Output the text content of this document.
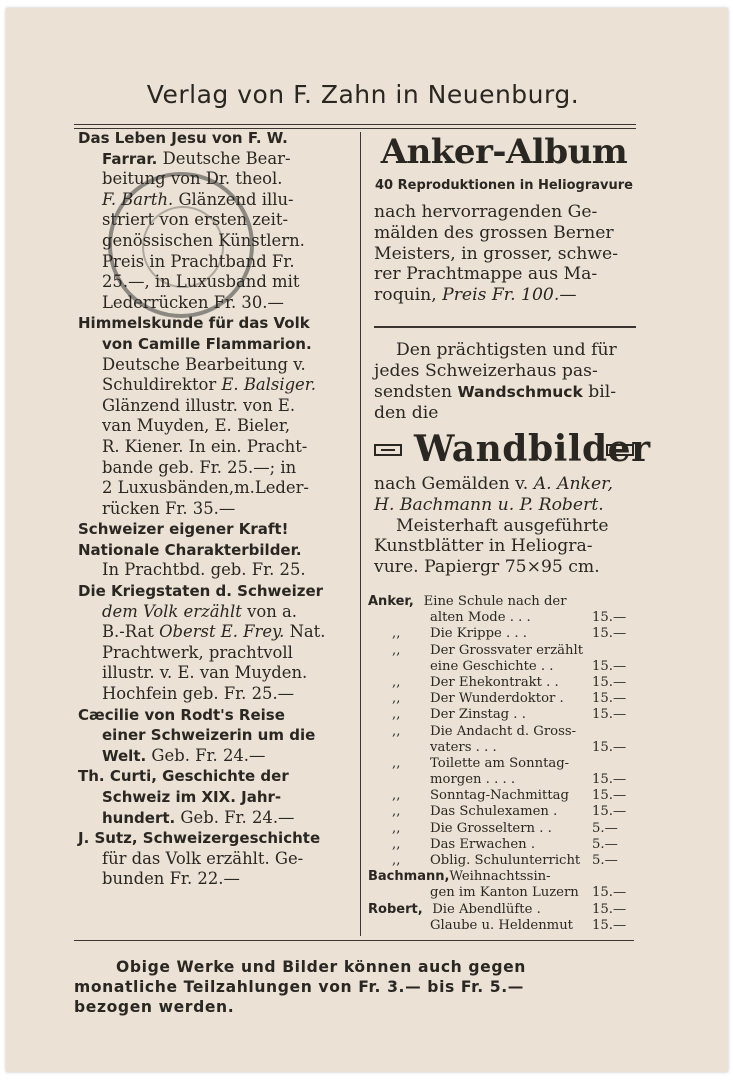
Verlag von F. Zahn in Neuenburg.
Das Leben Jesu von F. W.
Farrar. Deutsche Bear-
beitung von Dr. theol.
F. Barth. Glänzend illu-
striert von ersten zeit-
genössischen Künstlern.
Preis in Prachtband Fr.
25.—, in Luxusband mit
Lederrücken Fr. 30.—
Himmelskunde für das Volk
von Camille Flammarion.
Deutsche Bearbeitung v.
Schuldirektor E. Balsiger.
Glänzend illustr. von E.
van Muyden, E. Bieler,
R. Kiener. In ein. Pracht-
bande geb. Fr. 25.—; in
2 Luxusbänden,m.Leder-
rücken Fr. 35.—
Schweizer eigener Kraft!
Nationale Charakterbilder.
In Prachtbd. geb. Fr. 25.
Die Kriegstaten d. Schweizer
dem Volk erzählt von a.
B.-Rat Oberst E. Frey. Nat.
Prachtwerk, prachtvoll
illustr. v. E. van Muyden.
Hochfein geb. Fr. 25.—
Cæcilie von Rodt's Reise
einer Schweizerin um die
Welt. Geb. Fr. 24.—
Th. Curti, Geschichte der
Schweiz im XIX. Jahr-
hundert. Geb. Fr. 24.—
J. Sutz, Schweizergeschichte
für das Volk erzählt. Ge-
bunden Fr. 22.—
Anker-Album
40 Reproduktionen in Heliogravure
nach hervorragenden Ge-
mälden des grossen Berner
Meisters, in grosser, schwe-
rer Prachtmappe aus Ma-
roquin, Preis Fr. 100.—
Den prächtigsten und für
jedes Schweizerhaus pas-
sendsten Wandschmuck bil-
den die
Wandbilder
nach Gemälden v. A. Anker,
H. Bachmann u. P. Robert.
Meisterhaft ausgeführte
Kunstblätter in Heliogra-
vure. Papiergr 75×95 cm.
Anker, Eine Schule nach der
alten Mode . . .	15.—
,, Die Krippe . . .	15.—
,, Der Grossvater erzählt
eine Geschichte . .	15.—
,, Der Ehekontrakt . .	15.—
,, Der Wunderdoktor . 15.—
,, Der Zinstag . .	15.—
,, Die Andacht d. Gross-
vaters . . .	15.—
,, Toilette am Sonntag-
morgen . . . .	15.—
,, Sonntag-Nachmittag 15.—
,, Das Schulexamen .	15.—
,, Die Grosseltern . .	5.—
,, Das Erwachen .	5.—
,, Oblig. Schulunterricht 5.—
Bachmann, Weihnachtssin-
gen im Kanton Luzern 15.—
Robert, Die Abendlüfte .	15.—
Glaube u. Heldenmut 15.—
Obige Werke und Bilder können auch gegen
monatliche Teilzahlungen von Fr. 3.— bis Fr. 5.—
bezogen werden.
